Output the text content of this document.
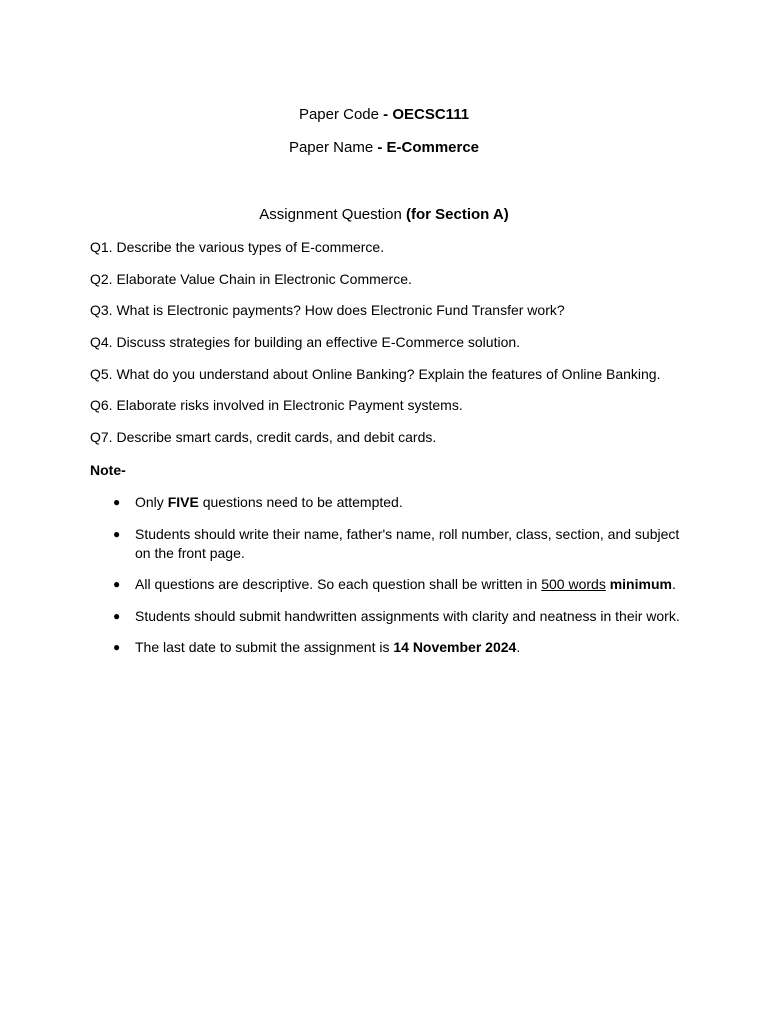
Paper Code - OECSC111
Paper Name - E-Commerce
Assignment Question (for Section A)
Q1. Describe the various types of E-commerce.
Q2. Elaborate Value Chain in Electronic Commerce.
Q3. What is Electronic payments? How does Electronic Fund Transfer work?
Q4. Discuss strategies for building an effective E-Commerce solution.
Q5. What do you understand about Online Banking? Explain the features of Online Banking.
Q6. Elaborate risks involved in Electronic Payment systems.
Q7. Describe smart cards, credit cards, and debit cards.
Note-
● Only FIVE questions need to be attempted.
● Students should write their name, father's name, roll number, class, section, and subject on the front page.
● All questions are descriptive. So each question shall be written in 500 words minimum.
● Students should submit handwritten assignments with clarity and neatness in their work.
● The last date to submit the assignment is 14 November 2024.
